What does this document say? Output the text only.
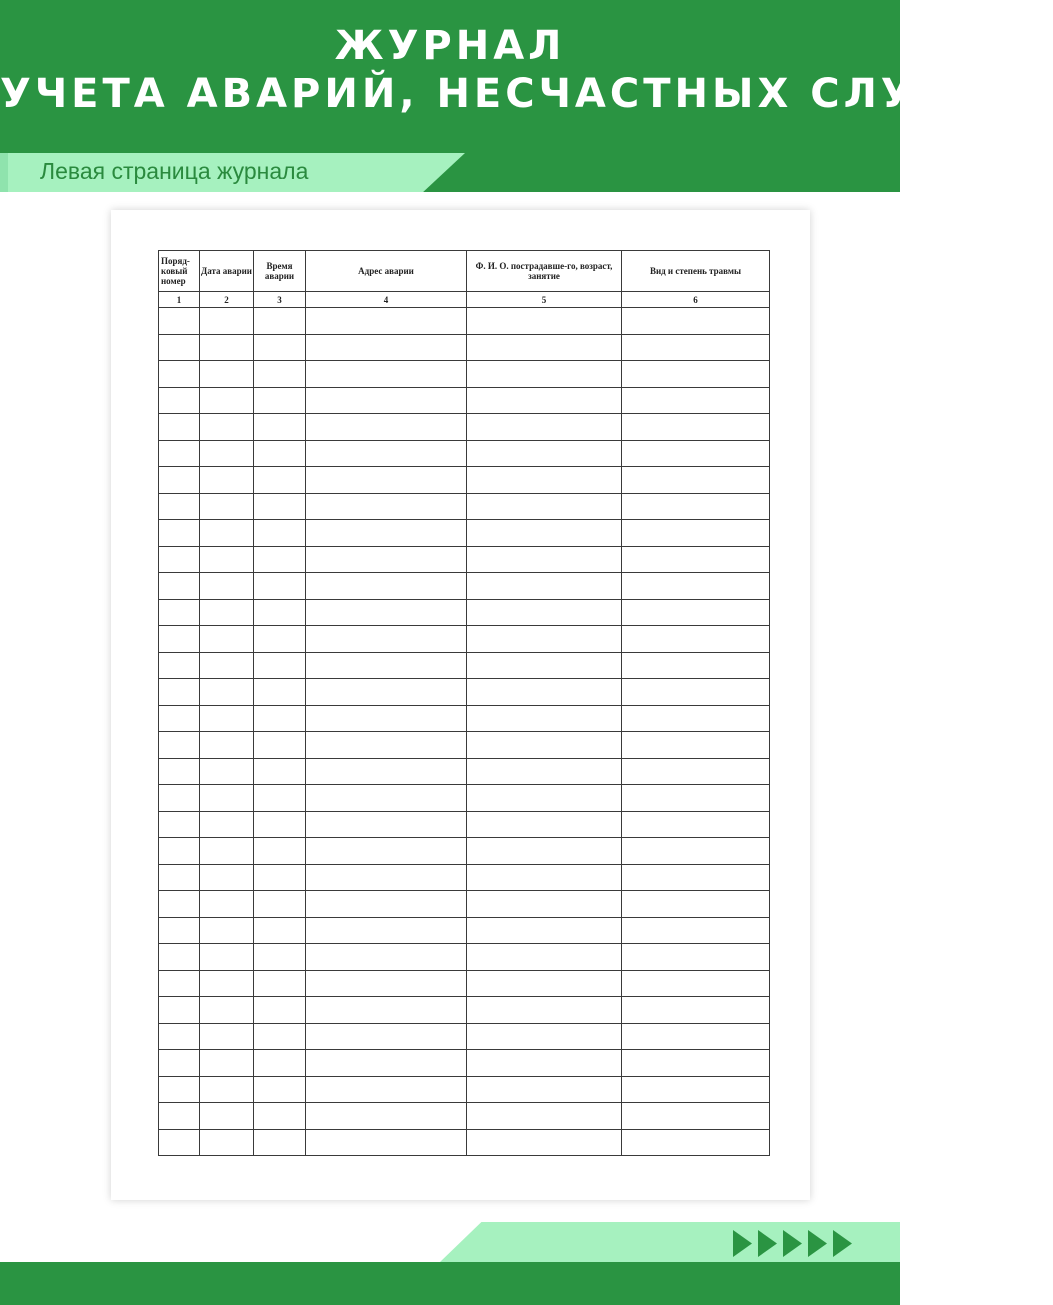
ЖУРНАЛ
УЧЕТА АВАРИЙ, НЕСЧАСТНЫХ СЛУЧАЕВ
Левая страница журнала
Поряд-ковый номер	Дата аварии	Время аварии	Адрес аварии	Ф. И. О. пострадавше-го, возраст, занятие	Вид и степень травмы
1	2	3	4	5	6
